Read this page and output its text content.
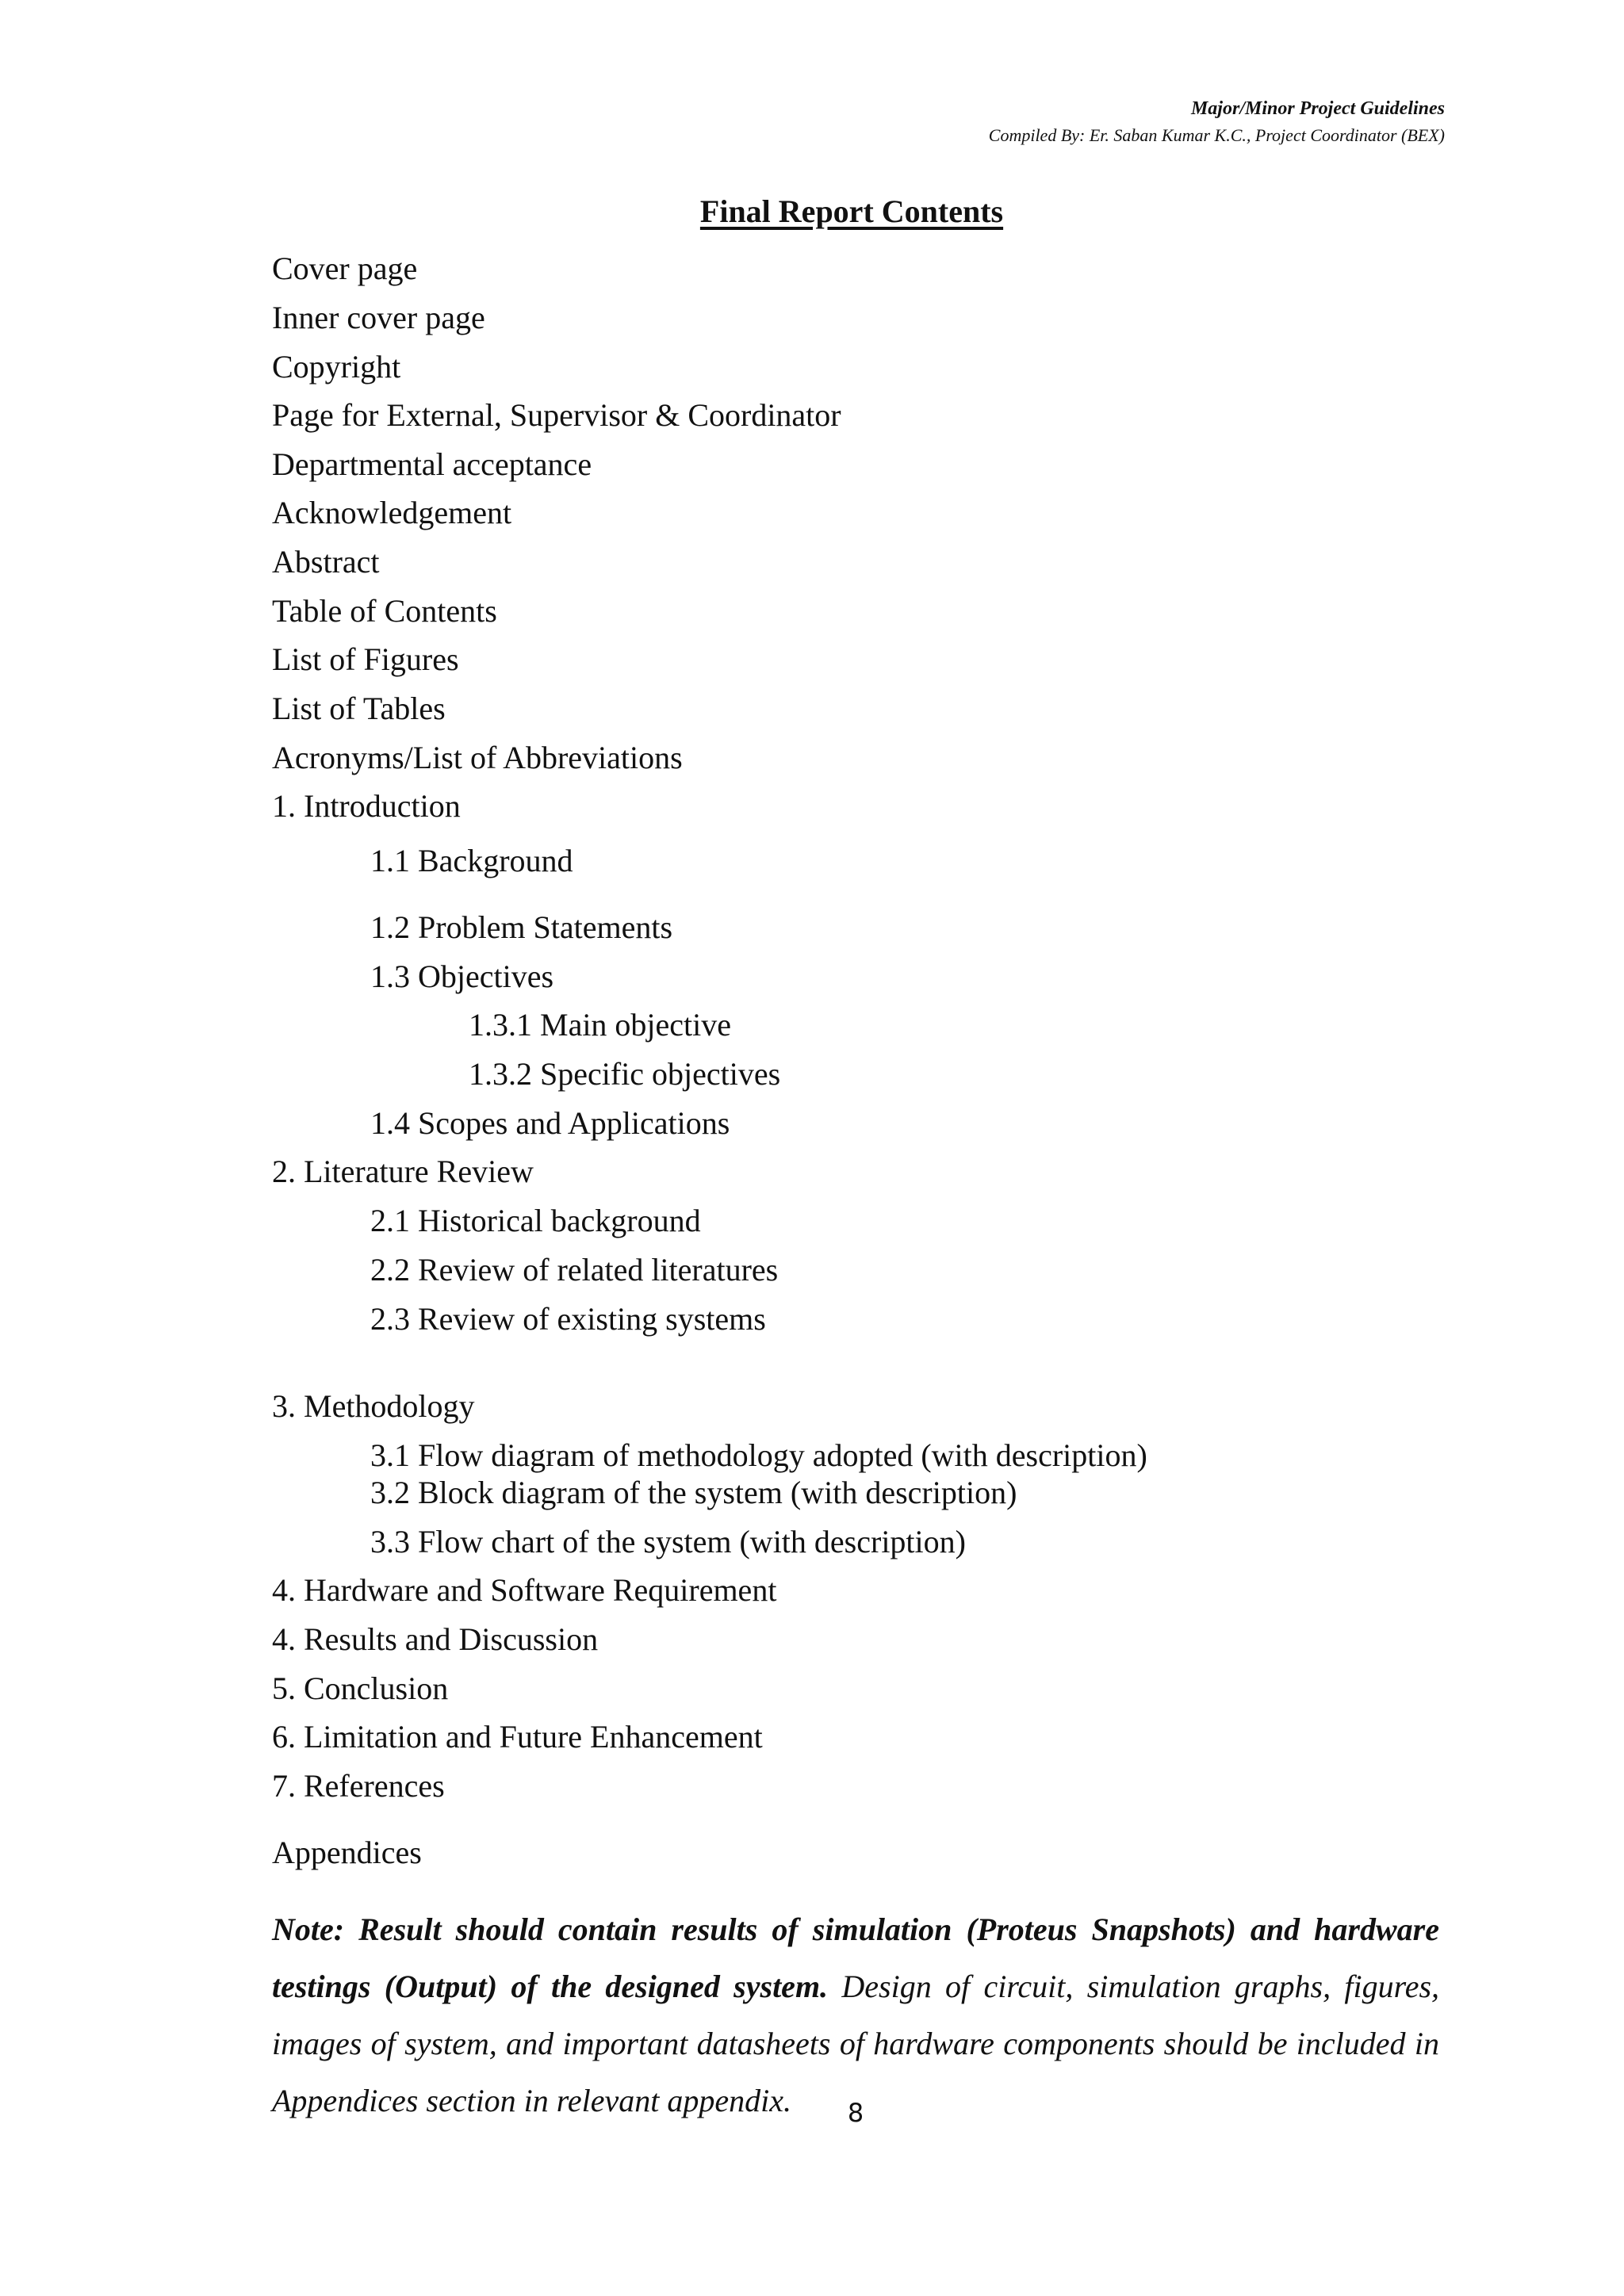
Major/Minor Project Guidelines
Compiled By: Er. Saban Kumar K.C., Project Coordinator (BEX)
Final Report Contents
Cover page
Inner cover page
Copyright
Page for External, Supervisor & Coordinator
Departmental acceptance
Acknowledgement
Abstract
Table of Contents
List of Figures
List of Tables
Acronyms/List of Abbreviations
1. Introduction
1.1 Background
1.2 Problem Statements
1.3 Objectives
1.3.1 Main objective
1.3.2 Specific objectives
1.4 Scopes and Applications
2. Literature Review
2.1 Historical background
2.2 Review of related literatures
2.3 Review of existing systems
3. Methodology
3.1 Flow diagram of methodology adopted (with description)
3.2 Block diagram of the system (with description)
3.3 Flow chart of the system (with description)
4. Hardware and Software Requirement
4. Results and Discussion
5. Conclusion
6. Limitation and Future Enhancement
7. References
Appendices
Note: Result should contain results of simulation (Proteus Snapshots) and hardware testings (Output) of the designed system. Design of circuit, simulation graphs, figures, images of system, and important datasheets of hardware components should be included in Appendices section in relevant appendix.	8
